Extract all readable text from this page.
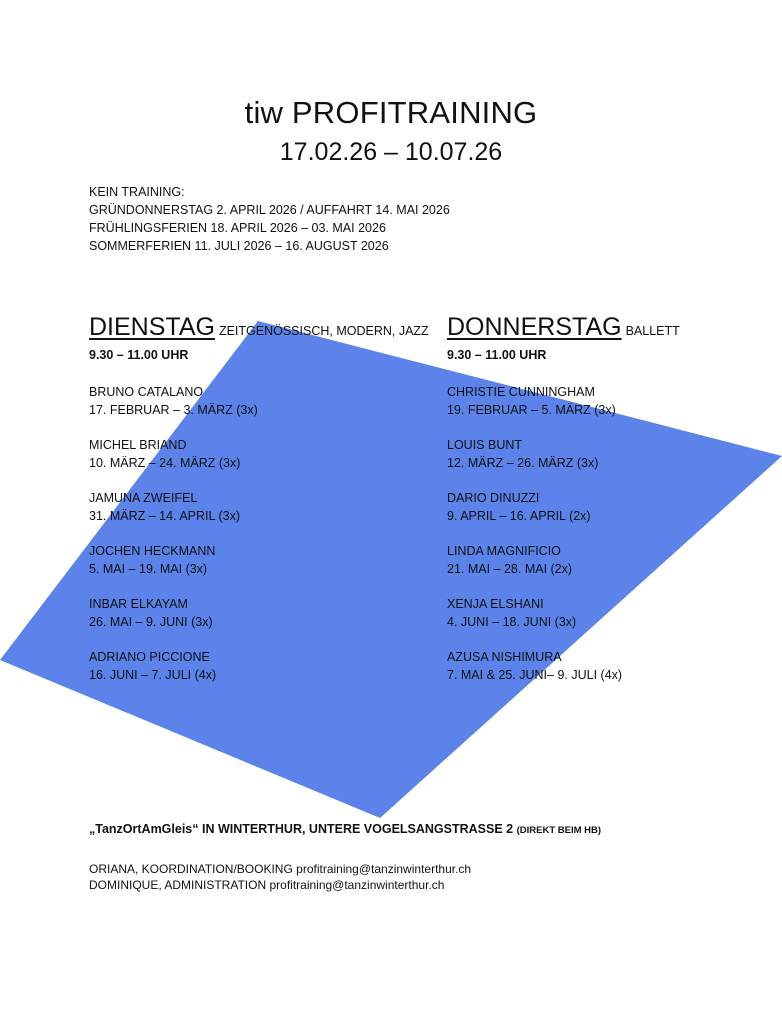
tiw PROFITRAINING
17.02.26 – 10.07.26
KEIN TRAINING:
GRÜNDONNERSTAG 2. APRIL 2026 / AUFFAHRT 14. MAI 2026
FRÜHLINGSFERIEN 18. APRIL 2026 – 03. MAI 2026
SOMMERFERIEN 11. JULI 2026 – 16. AUGUST 2026
DIENSTAG ZEITGENÖSSISCH, MODERN, JAZZ
9.30 – 11.00 UHR
BRUNO CATALANO
17. FEBRUAR – 3. MÄRZ (3x)
MICHEL BRIAND
10. MÄRZ – 24. MÄRZ (3x)
JAMUNA ZWEIFEL
31. MÄRZ – 14. APRIL (3x)
JOCHEN HECKMANN
5. MAI – 19. MAI (3x)
INBAR ELKAYAM
26. MAI – 9. JUNI (3x)
ADRIANO PICCIONE
16. JUNI – 7. JULI (4x)
DONNERSTAG BALLETT
9.30 – 11.00 UHR
CHRISTIE CUNNINGHAM
19. FEBRUAR – 5. MÄRZ (3x)
LOUIS BUNT
12. MÄRZ – 26. MÄRZ (3x)
DARIO DINUZZI
9. APRIL – 16. APRIL (2x)
LINDA MAGNIFICIO
21. MAI – 28. MAI (2x)
XENJA ELSHANI
4. JUNI – 18. JUNI (3x)
AZUSA NISHIMURA
7. MAI & 25. JUNI– 9. JULI (4x)
„TanzOrtAmGleis“ IN WINTERTHUR, UNTERE VOGELSANGSTRASSE 2 (DIREKT BEIM HB)
ORIANA, KOORDINATION/BOOKING profitraining@tanzinwinterthur.ch
DOMINIQUE, ADMINISTRATION profitraining@tanzinwinterthur.ch
